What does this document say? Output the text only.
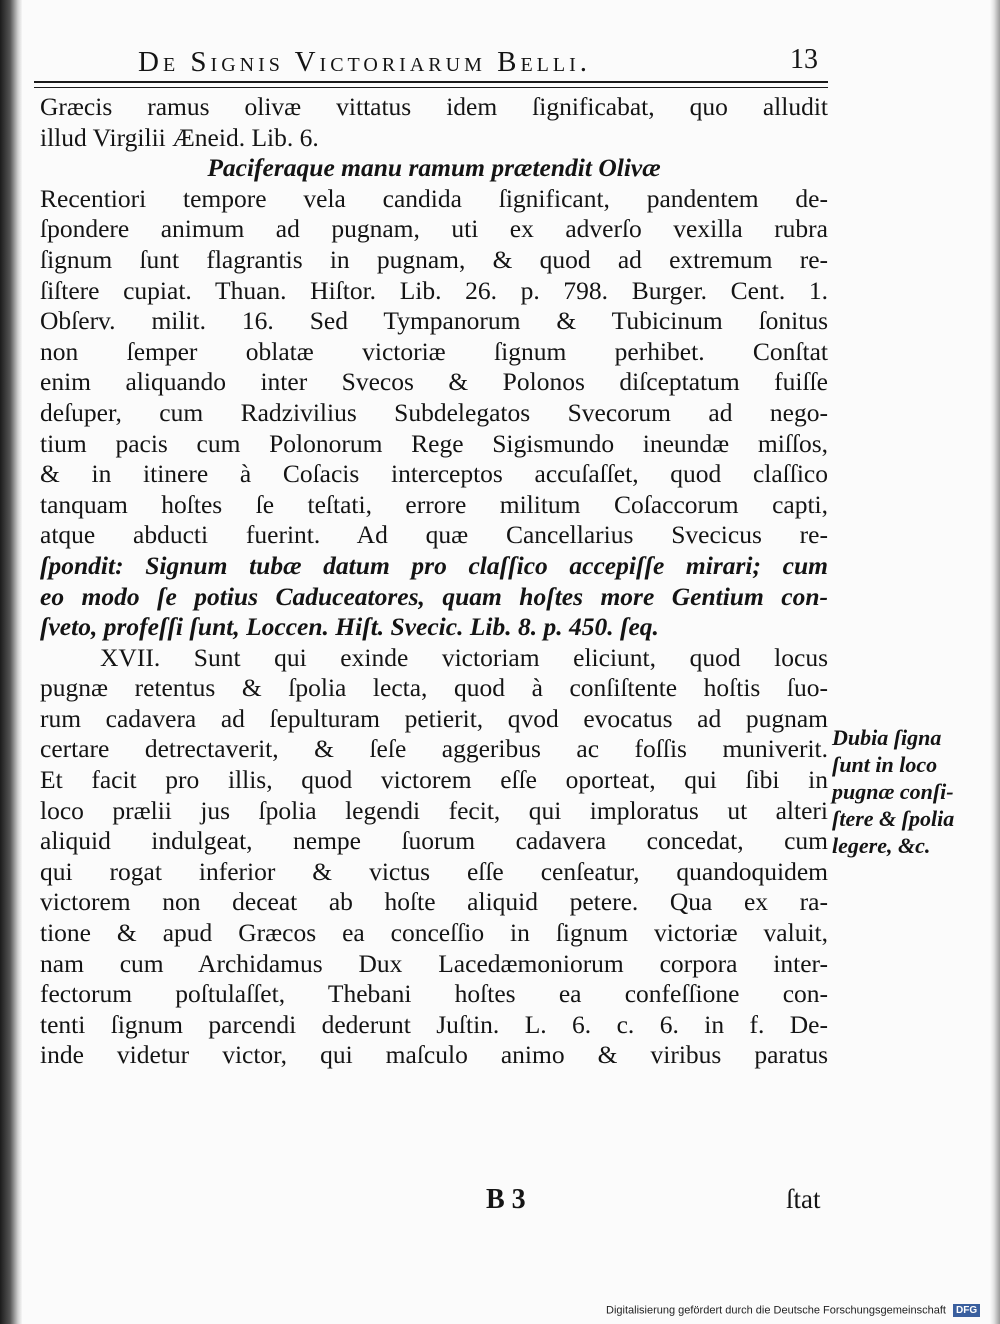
De Signis Victoriarum Belli.	13
Græcis ramus olivæ vittatus idem ſignificabat, quo alludit
illud Virgilii Æneid. Lib. 6.
Paciferaque manu ramum prætendit Olivæ
Recentiori tempore vela candida ſignificant, pandentem de-
ſpondere animum ad pugnam, uti ex adverſo vexilla rubra
ſignum ſunt flagrantis in pugnam, & quod ad extremum re-
ſiſtere cupiat. Thuan. Hiſtor. Lib. 26. p. 798. Burger. Cent. 1.
Obſerv. milit. 16. Sed Tympanorum & Tubicinum ſonitus
non ſemper oblatæ victoriæ ſignum perhibet. Conſtat
enim aliquando inter Svecos & Polonos diſceptatum fuiſſe
deſuper, cum Radzivilius Subdelegatos Svecorum ad nego-
tium pacis cum Polonorum Rege Sigismundo ineundæ miſſos,
& in itinere à Coſacis interceptos accuſaſſet, quod claſſico
tanquam hoſtes ſe teſtati, errore militum Coſaccorum capti,
atque abducti fuerint. Ad quæ Cancellarius Svecicus re-
ſpondit: Signum tubæ datum pro claſſico accepiſſe mirari; cum
eo modo ſe potius Caduceatores, quam hoſtes more Gentium con-
ſveto, profeſſi ſunt, Loccen. Hiſt. Svecic. Lib. 8. p. 450. ſeq.
XVII. Sunt qui exinde victoriam eliciunt, quod locus
pugnæ retentus & ſpolia lecta, quod à conſiſtente hoſtis ſuo-
rum cadavera ad ſepulturam petierit, qvod evocatus ad pugnam
certare detrectaverit, & ſeſe aggeribus ac foſſis muniverit.
Et facit pro illis, quod victorem eſſe oporteat, qui ſibi in
loco prælii jus ſpolia legendi fecit, qui imploratus ut alteri
aliquid indulgeat, nempe ſuorum cadavera concedat, cum
qui rogat inferior & victus eſſe cenſeatur, quandoquidem
victorem non deceat ab hoſte aliquid petere. Qua ex ra-
tione & apud Græcos ea conceſſio in ſignum victoriæ valuit,
nam cum Archidamus Dux Lacedæmoniorum corpora inter-
fectorum poſtulaſſet, Thebani hoſtes ea confeſſione con-
tenti ſignum parcendi dederunt Juſtin. L. 6. c. 6. in f. De-
inde videtur victor, qui maſculo animo & viribus paratus
Dubia ſigna
ſunt in loco
pugnæ conſi-
ſtere & ſpolia
legere, &c.
B 3	ſtat
Digitalisierung gefördert durch die Deutsche Forschungsgemeinschaft DFG
